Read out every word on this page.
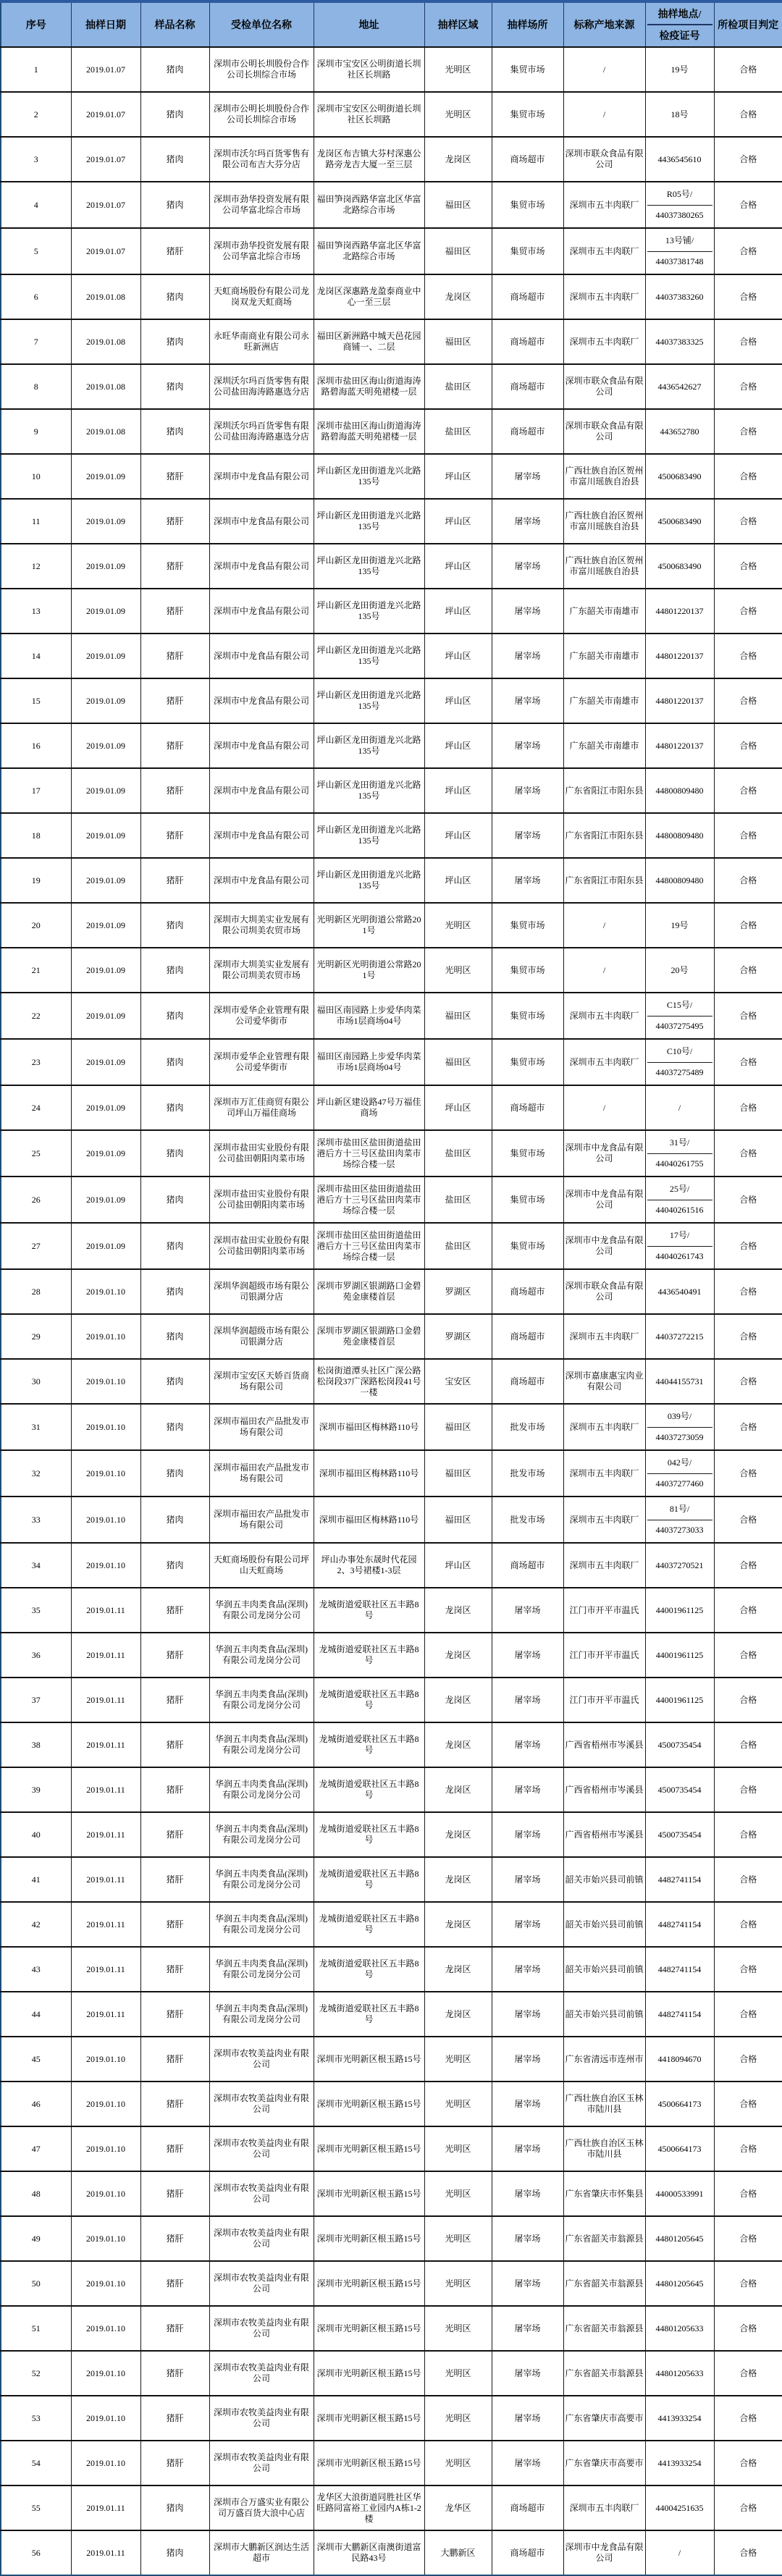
序号	抽样日期	样品名称	受检单位名称	地址	抽样区域	抽样场所	标称产地来源	抽样地点/
检疫证号	所检项目判定
1	2019.01.07	猪肉	深圳市公明长圳股份合作公司长圳综合市场	深圳市宝安区公明街道长圳社区长圳路	光明区	集贸市场	/	19号	合格
2	2019.01.07	猪肉	深圳市公明长圳股份合作公司长圳综合市场	深圳市宝安区公明街道长圳社区长圳路	光明区	集贸市场	/	18号	合格
3	2019.01.07	猪肉	深圳市沃尔玛百货零售有限公司布吉大芬分店	龙岗区布吉镇大芬村深惠公路旁龙吉大厦一至三层	龙岗区	商场超市	深圳市联众食品有限公司	4436545610	合格
4	2019.01.07	猪肉	深圳市劲华投资发展有限公司华富北综合市场	福田笋岗西路华富北区华富北路综合市场	福田区	集贸市场	深圳市五丰肉联厂	R05号/
44037380265	合格
5	2019.01.07	猪肝	深圳市劲华投资发展有限公司华富北综合市场	福田笋岗西路华富北区华富北路综合市场	福田区	集贸市场	深圳市五丰肉联厂	13号铺/
44037381748	合格
6	2019.01.08	猪肉	天虹商场股份有限公司龙岗双龙天虹商场	龙岗区深惠路龙盈泰商业中心一至三层	龙岗区	商场超市	深圳市五丰肉联厂	44037383260	合格
7	2019.01.08	猪肉	永旺华南商业有限公司永旺新洲店	福田区新洲路中城天邑花园商铺一、二层	福田区	商场超市	深圳市五丰肉联厂	44037383325	合格
8	2019.01.08	猪肉	深圳沃尔玛百货零售有限公司盐田海涛路惠选分店	深圳市盐田区海山街道海涛路碧海蓝天明苑裙楼一层	盐田区	商场超市	深圳市联众食品有限公司	4436542627	合格
9	2019.01.08	猪肉	深圳沃尔玛百货零售有限公司盐田海涛路惠选分店	深圳市盐田区海山街道海涛路碧海蓝天明苑裙楼一层	盐田区	商场超市	深圳市联众食品有限公司	443652780	合格
10	2019.01.09	猪肝	深圳市中龙食品有限公司	坪山新区龙田街道龙兴北路135号	坪山区	屠宰场	广西壮族自治区贺州市富川瑶族自治县	4500683490	合格
11	2019.01.09	猪肝	深圳市中龙食品有限公司	坪山新区龙田街道龙兴北路135号	坪山区	屠宰场	广西壮族自治区贺州市富川瑶族自治县	4500683490	合格
12	2019.01.09	猪肝	深圳市中龙食品有限公司	坪山新区龙田街道龙兴北路135号	坪山区	屠宰场	广西壮族自治区贺州市富川瑶族自治县	4500683490	合格
13	2019.01.09	猪肝	深圳市中龙食品有限公司	坪山新区龙田街道龙兴北路135号	坪山区	屠宰场	广东韶关市南雄市	44801220137	合格
14	2019.01.09	猪肝	深圳市中龙食品有限公司	坪山新区龙田街道龙兴北路135号	坪山区	屠宰场	广东韶关市南雄市	44801220137	合格
15	2019.01.09	猪肝	深圳市中龙食品有限公司	坪山新区龙田街道龙兴北路135号	坪山区	屠宰场	广东韶关市南雄市	44801220137	合格
16	2019.01.09	猪肝	深圳市中龙食品有限公司	坪山新区龙田街道龙兴北路135号	坪山区	屠宰场	广东韶关市南雄市	44801220137	合格
17	2019.01.09	猪肝	深圳市中龙食品有限公司	坪山新区龙田街道龙兴北路135号	坪山区	屠宰场	广东省阳江市阳东县	44800809480	合格
18	2019.01.09	猪肝	深圳市中龙食品有限公司	坪山新区龙田街道龙兴北路135号	坪山区	屠宰场	广东省阳江市阳东县	44800809480	合格
19	2019.01.09	猪肝	深圳市中龙食品有限公司	坪山新区龙田街道龙兴北路135号	坪山区	屠宰场	广东省阳江市阳东县	44800809480	合格
20	2019.01.09	猪肉	深圳市大圳美实业发展有限公司圳美农贸市场	光明新区光明街道公常路201号	光明区	集贸市场	/	19号	合格
21	2019.01.09	猪肉	深圳市大圳美实业发展有限公司圳美农贸市场	光明新区光明街道公常路201号	光明区	集贸市场	/	20号	合格
22	2019.01.09	猪肉	深圳市爱华企业管理有限公司爱华街市	福田区南园路上步爱华肉菜市场1层商场04号	福田区	集贸市场	深圳市五丰肉联厂	C15号/
44037275495	合格
23	2019.01.09	猪肉	深圳市爱华企业管理有限公司爱华街市	福田区南园路上步爱华肉菜市场1层商场04号	福田区	集贸市场	深圳市五丰肉联厂	C10号/
44037275489	合格
24	2019.01.09	猪肉	深圳市万汇佳商贸有限公司坪山万福佳商场	坪山新区建设路47号万福佳商场	坪山区	商场超市	/	/	合格
25	2019.01.09	猪肉	深圳市盐田实业股份有限公司盐田朝阳肉菜市场	深圳市盐田区盐田街道盐田港后方十三号区盐田肉菜市场综合楼一层	盐田区	集贸市场	深圳市中龙食品有限公司	31号/
44040261755	合格
26	2019.01.09	猪肉	深圳市盐田实业股份有限公司盐田朝阳肉菜市场	深圳市盐田区盐田街道盐田港后方十三号区盐田肉菜市场综合楼一层	盐田区	集贸市场	深圳市中龙食品有限公司	25号/
44040261516	合格
27	2019.01.09	猪肉	深圳市盐田实业股份有限公司盐田朝阳肉菜市场	深圳市盐田区盐田街道盐田港后方十三号区盐田肉菜市场综合楼一层	盐田区	集贸市场	深圳市中龙食品有限公司	17号/
44040261743	合格
28	2019.01.10	猪肉	深圳华润超级市场有限公司银湖分店	深圳市罗湖区银湖路口金碧苑金康楼首层	罗湖区	商场超市	深圳市联众食品有限公司	4436540491	合格
29	2019.01.10	猪肉	深圳华润超级市场有限公司银湖分店	深圳市罗湖区银湖路口金碧苑金康楼首层	罗湖区	商场超市	深圳市五丰肉联厂	44037272215	合格
30	2019.01.10	猪肉	深圳市宝安区天娇百货商场有限公司	松岗街道潭头社区广深公路松岗段37广深路松岗段41号一楼	宝安区	商场超市	深圳市嘉康惠宝肉业有限公司	44044155731	合格
31	2019.01.10	猪肉	深圳市福田农产品批发市场有限公司	深圳市福田区梅林路110号	福田区	批发市场	深圳市五丰肉联厂	039号/
44037273059	合格
32	2019.01.10	猪肉	深圳市福田农产品批发市场有限公司	深圳市福田区梅林路110号	福田区	批发市场	深圳市五丰肉联厂	042号/
44037277460	合格
33	2019.01.10	猪肉	深圳市福田农产品批发市场有限公司	深圳市福田区梅林路110号	福田区	批发市场	深圳市五丰肉联厂	81号/
44037273033	合格
34	2019.01.10	猪肉	天虹商场股份有限公司坪山天虹商场	坪山办事处东晟时代花园2、3号裙楼1-3层	坪山区	商场超市	深圳市五丰肉联厂	44037270521	合格
35	2019.01.11	猪肝	华润五丰肉类食品(深圳)有限公司龙岗分公司	龙城街道爱联社区五丰路8号	龙岗区	屠宰场	江门市开平市温氏	44001961125	合格
36	2019.01.11	猪肝	华润五丰肉类食品(深圳)有限公司龙岗分公司	龙城街道爱联社区五丰路8号	龙岗区	屠宰场	江门市开平市温氏	44001961125	合格
37	2019.01.11	猪肝	华润五丰肉类食品(深圳)有限公司龙岗分公司	龙城街道爱联社区五丰路8号	龙岗区	屠宰场	江门市开平市温氏	44001961125	合格
38	2019.01.11	猪肝	华润五丰肉类食品(深圳)有限公司龙岗分公司	龙城街道爱联社区五丰路8号	龙岗区	屠宰场	广西省梧州市岑溪县	4500735454	合格
39	2019.01.11	猪肝	华润五丰肉类食品(深圳)有限公司龙岗分公司	龙城街道爱联社区五丰路8号	龙岗区	屠宰场	广西省梧州市岑溪县	4500735454	合格
40	2019.01.11	猪肝	华润五丰肉类食品(深圳)有限公司龙岗分公司	龙城街道爱联社区五丰路8号	龙岗区	屠宰场	广西省梧州市岑溪县	4500735454	合格
41	2019.01.11	猪肝	华润五丰肉类食品(深圳)有限公司龙岗分公司	龙城街道爱联社区五丰路8号	龙岗区	屠宰场	韶关市始兴县司前镇	4482741154	合格
42	2019.01.11	猪肝	华润五丰肉类食品(深圳)有限公司龙岗分公司	龙城街道爱联社区五丰路8号	龙岗区	屠宰场	韶关市始兴县司前镇	4482741154	合格
43	2019.01.11	猪肝	华润五丰肉类食品(深圳)有限公司龙岗分公司	龙城街道爱联社区五丰路8号	龙岗区	屠宰场	韶关市始兴县司前镇	4482741154	合格
44	2019.01.11	猪肝	华润五丰肉类食品(深圳)有限公司龙岗分公司	龙城街道爱联社区五丰路8号	龙岗区	屠宰场	韶关市始兴县司前镇	4482741154	合格
45	2019.01.10	猪肝	深圳市农牧美益肉业有限公司	深圳市光明新区根玉路15号	光明区	屠宰场	广东省清远市连州市	4418094670	合格
46	2019.01.10	猪肝	深圳市农牧美益肉业有限公司	深圳市光明新区根玉路15号	光明区	屠宰场	广西壮族自治区玉林市陆川县	4500664173	合格
47	2019.01.10	猪肝	深圳市农牧美益肉业有限公司	深圳市光明新区根玉路15号	光明区	屠宰场	广西壮族自治区玉林市陆川县	4500664173	合格
48	2019.01.10	猪肝	深圳市农牧美益肉业有限公司	深圳市光明新区根玉路15号	光明区	屠宰场	广东省肇庆市怀集县	44000533991	合格
49	2019.01.10	猪肝	深圳市农牧美益肉业有限公司	深圳市光明新区根玉路15号	光明区	屠宰场	广东省韶关市翁源县	44801205645	合格
50	2019.01.10	猪肝	深圳市农牧美益肉业有限公司	深圳市光明新区根玉路15号	光明区	屠宰场	广东省韶关市翁源县	44801205645	合格
51	2019.01.10	猪肝	深圳市农牧美益肉业有限公司	深圳市光明新区根玉路15号	光明区	屠宰场	广东省韶关市翁源县	44801205633	合格
52	2019.01.10	猪肝	深圳市农牧美益肉业有限公司	深圳市光明新区根玉路15号	光明区	屠宰场	广东省韶关市翁源县	44801205633	合格
53	2019.01.10	猪肝	深圳市农牧美益肉业有限公司	深圳市光明新区根玉路15号	光明区	屠宰场	广东省肇庆市高要市	4413933254	合格
54	2019.01.10	猪肝	深圳市农牧美益肉业有限公司	深圳市光明新区根玉路15号	光明区	屠宰场	广东省肇庆市高要市	4413933254	合格
55	2019.01.11	猪肉	深圳市合万盛实业有限公司万盛百货大浪中心店	龙华区大浪街道同胜社区华旺路同富裕工业园内A栋1-2楼	龙华区	商场超市	深圳市五丰肉联厂	44004251635	合格
56	2019.01.11	猪肉	深圳市大鹏新区润达生活超市	深圳市大鹏新区南澳街道富民路43号	大鹏新区	商场超市	深圳市中龙食品有限公司	/	合格
